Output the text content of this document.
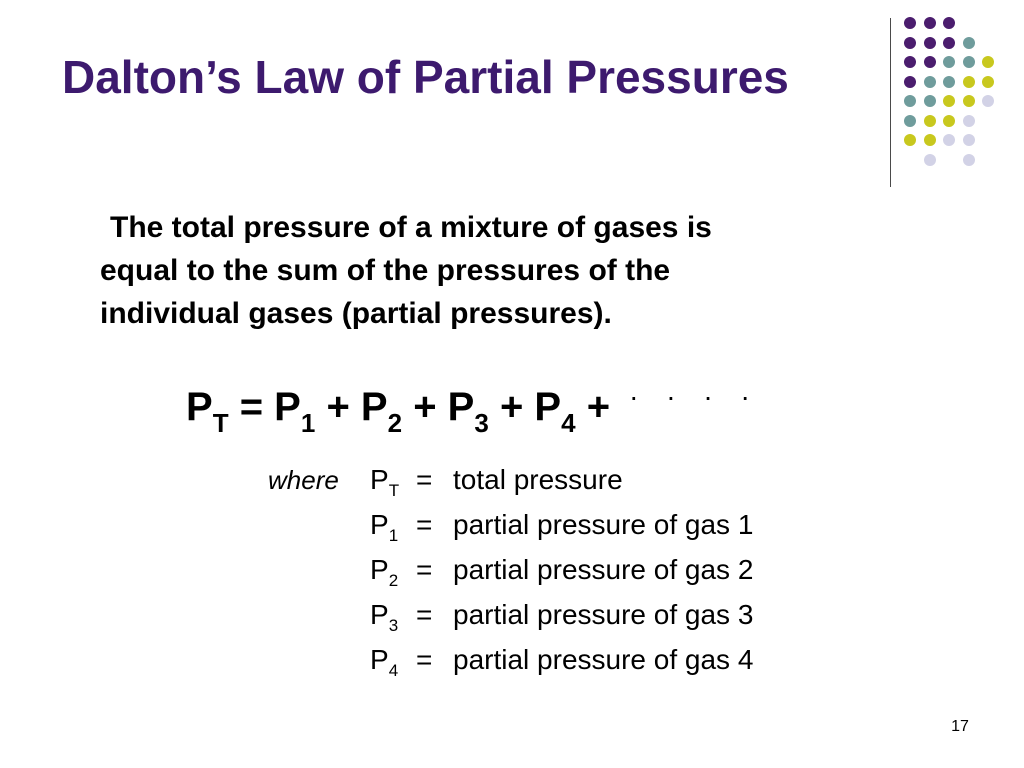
Dalton’s Law of Partial Pressures

The total pressure of a mixture of gases is
equal to the sum of the pressures of the
individual gases (partial pressures).

$P_T = P_1 + P_2 + P_3 + P_4 + ^{\cdot \cdot \cdot \cdot}$
where $P_T$ = total pressure
$P_1$ = partial pressure of gas 1
$P_2$ = partial pressure of gas 2
$P_3$ = partial pressure of gas 3
$P_4$ = partial pressure of gas 4
17
